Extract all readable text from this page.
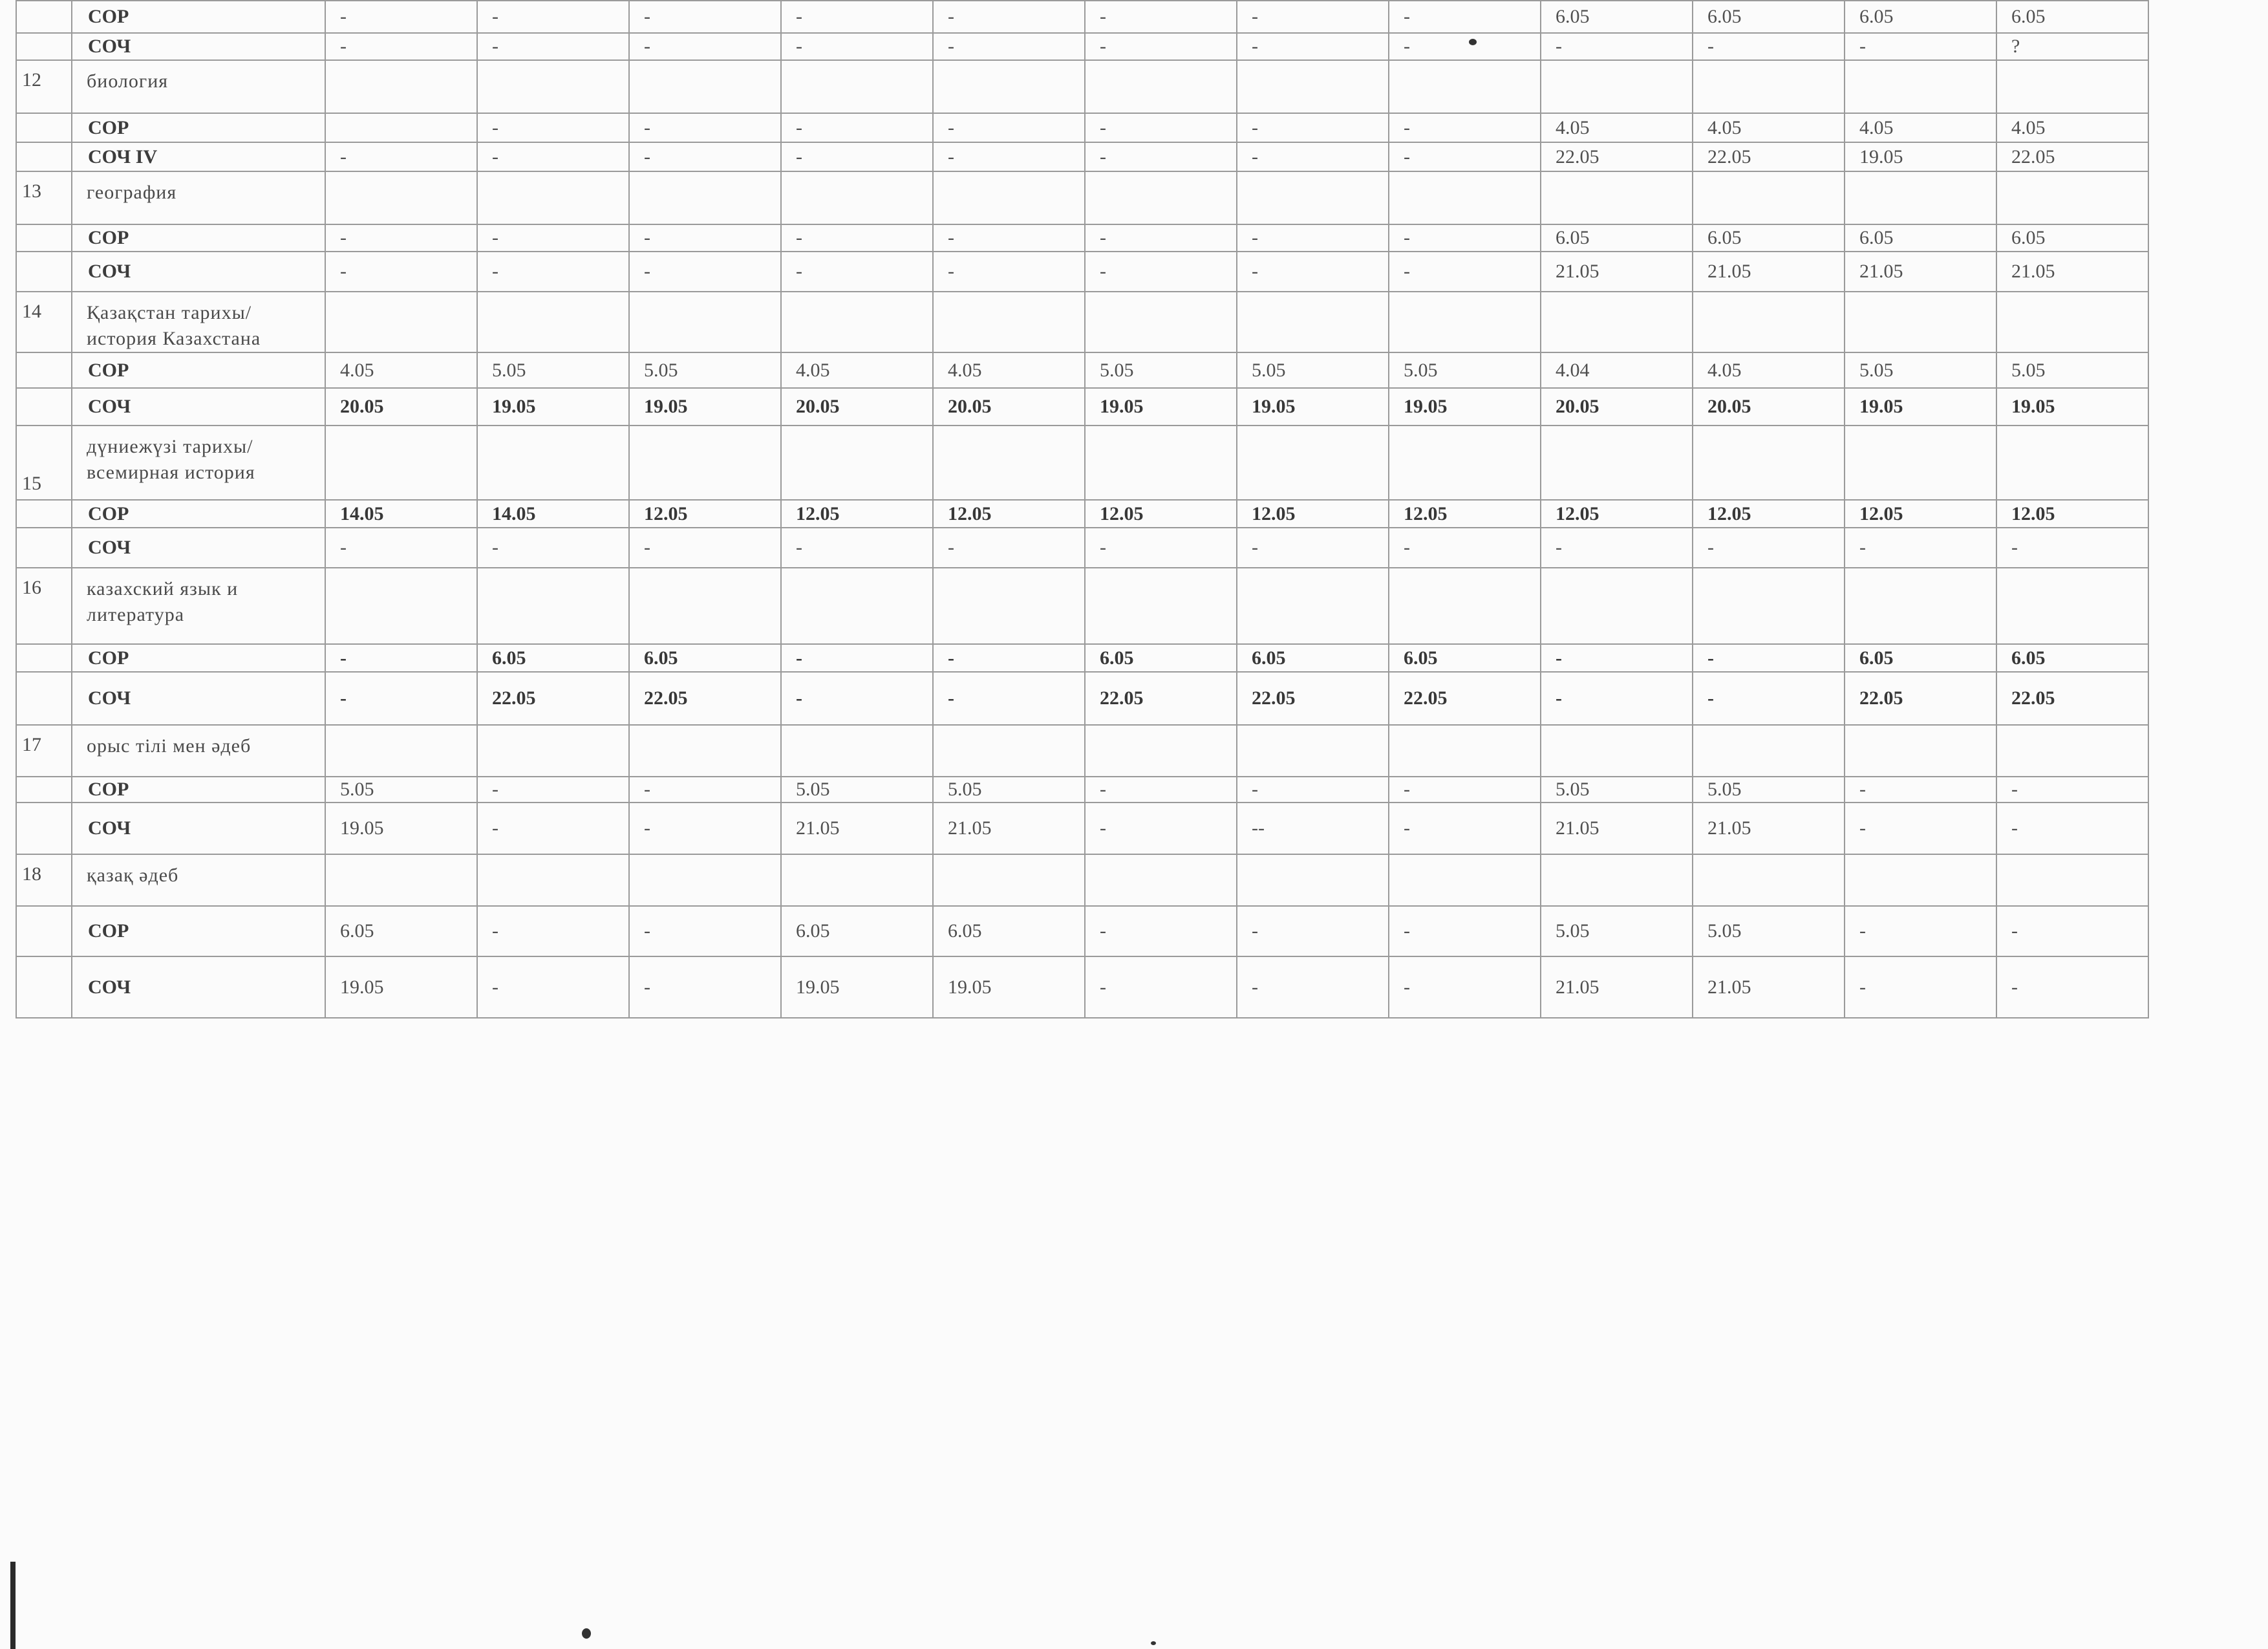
	СОР	-	-	-	-	-	-	-	-	6.05	6.05	6.05	6.05
	СОЧ	-	-	-	-	-	-	-	-	-	-	-	?
12	биология												
	СОР		-	-	-	-	-	-	-	4.05	4.05	4.05	4.05
	СОЧ IV	-	-	-	-	-	-	-	-	22.05	22.05	19.05	22.05
13	география												
	СОР	-	-	-	-	-	-	-	-	6.05	6.05	6.05	6.05
	СОЧ	-	-	-	-	-	-	-	-	21.05	21.05	21.05	21.05
14	Қазақстан тарихы/ история Казахстана												
	СОР	4.05	5.05	5.05	4.05	4.05	5.05	5.05	5.05	4.04	4.05	5.05	5.05
	СОЧ	20.05	19.05	19.05	20.05	20.05	19.05	19.05	19.05	20.05	20.05	19.05	19.05
15	дүниежүзі тарихы/ всемирная история												
	СОР	14.05	14.05	12.05	12.05	12.05	12.05	12.05	12.05	12.05	12.05	12.05	12.05
	СОЧ	-	-	-	-	-	-	-	-	-	-	-	-
16	казахский язык и литература												
	СОР	-	6.05	6.05	-	-	6.05	6.05	6.05	-	-	6.05	6.05
	СОЧ	-	22.05	22.05	-	-	22.05	22.05	22.05	-	-	22.05	22.05
17	орыс тілі мен әдеб												
	СОР	5.05	-	-	5.05	5.05	-	-	-	5.05	5.05	-	-
	СОЧ	19.05	-	-	21.05	21.05	-	--	-	21.05	21.05	-	-
18	қазақ әдеб												
	СОР	6.05	-	-	6.05	6.05	-	-	-	5.05	5.05	-	-
	СОЧ	19.05	-	-	19.05	19.05	-	-	-	21.05	21.05	-	-
